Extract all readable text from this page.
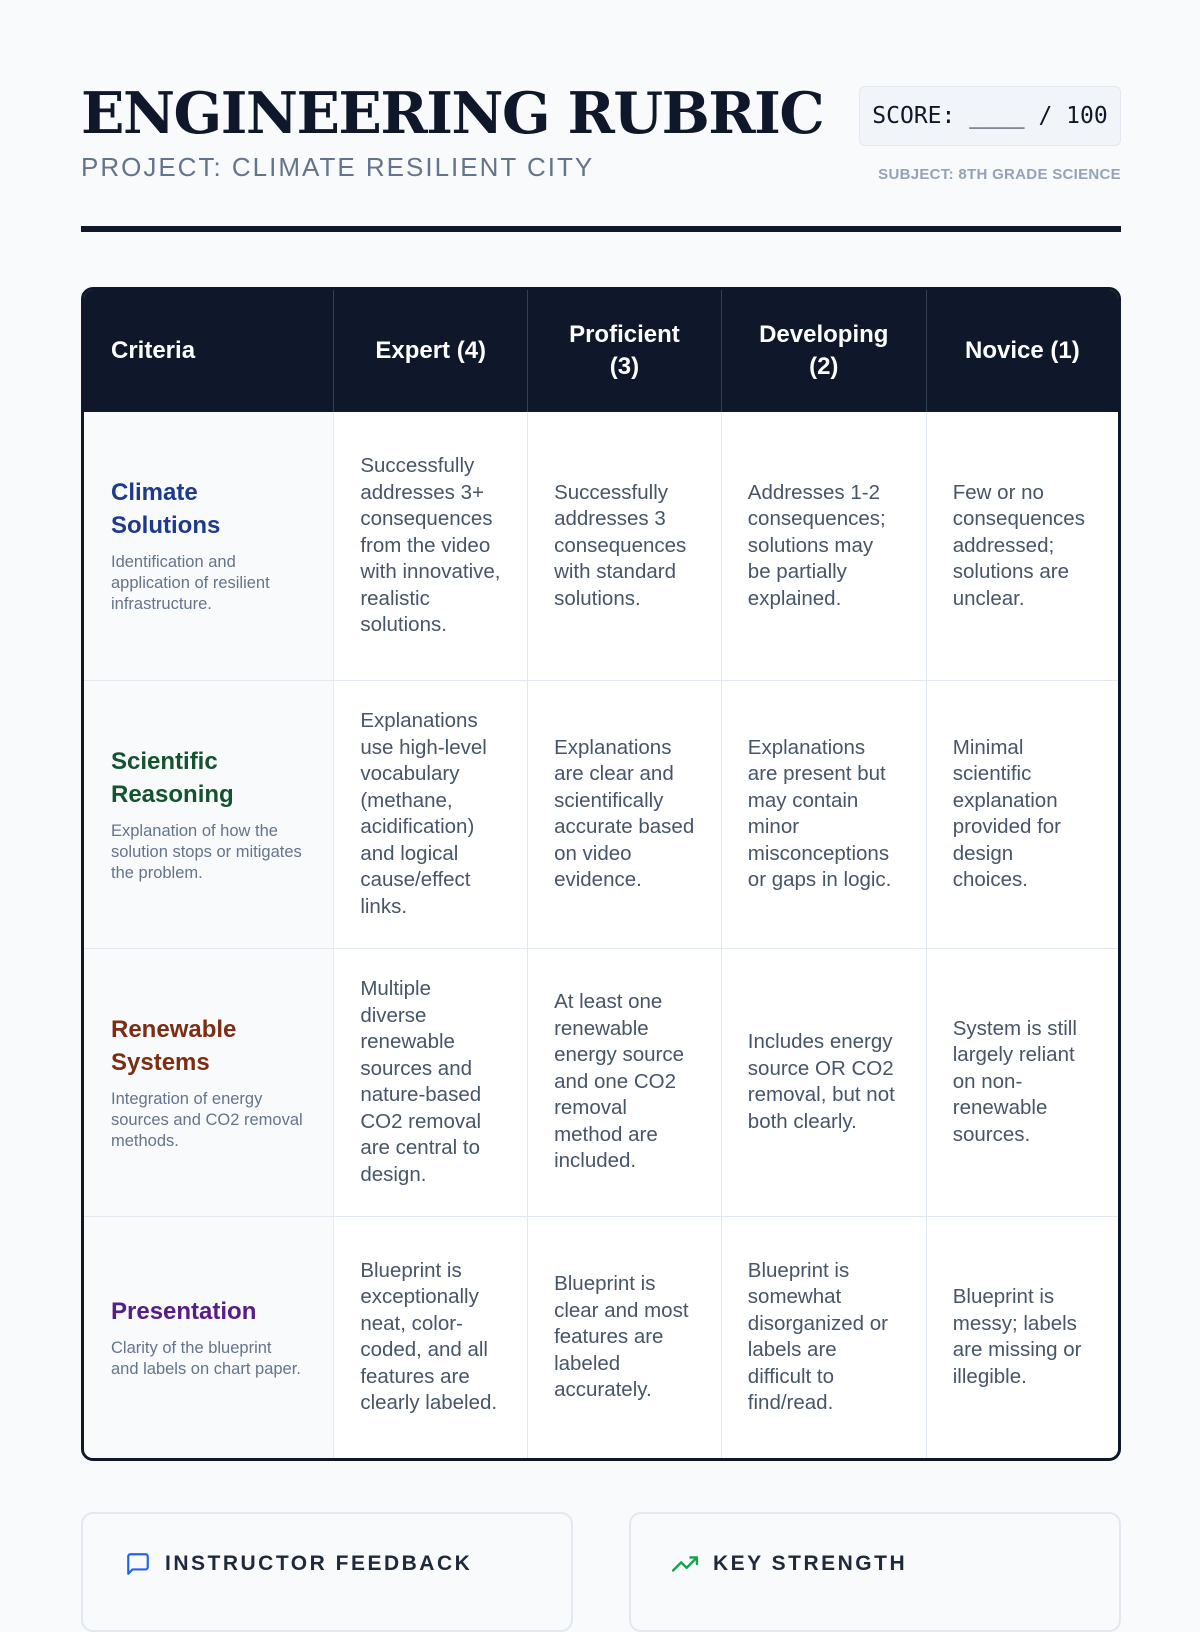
ENGINEERING RUBRIC
PROJECT: CLIMATE RESILIENT CITY
SCORE: ____ / 100
SUBJECT: 8TH GRADE SCIENCE
Criteria	Expert (4)	Proficient (3)	Developing (2)	Novice (1)

Climate Solutions
Identification and application of resilient infrastructure.	Successfully addresses 3+ consequences from the video with innovative, realistic solutions.	Successfully addresses 3 consequences with standard solutions.	Addresses 1-2 consequences; solutions may be partially explained.	Few or no consequences addressed; solutions are unclear.

Scientific Reasoning
Explanation of how the solution stops or mitigates the problem.	Explanations use high-level vocabulary (methane, acidification) and logical cause/effect links.	Explanations are clear and scientifically accurate based on video evidence.	Explanations are present but may contain minor misconceptions or gaps in logic.	Minimal scientific explanation provided for design choices.

Renewable Systems
Integration of energy sources and CO2 removal methods.	Multiple diverse renewable sources and nature-based CO2 removal are central to design.	At least one renewable energy source and one CO2 removal method are included.	Includes energy source OR CO2 removal, but not both clearly.	System is still largely reliant on non-renewable sources.

Presentation
Clarity of the blueprint and labels on chart paper.	Blueprint is exceptionally neat, color-coded, and all features are clearly labeled.	Blueprint is clear and most features are labeled accurately.	Blueprint is somewhat disorganized or labels are difficult to find/read.	Blueprint is messy; labels are missing or illegible.
INSTRUCTOR FEEDBACK	KEY STRENGTH
